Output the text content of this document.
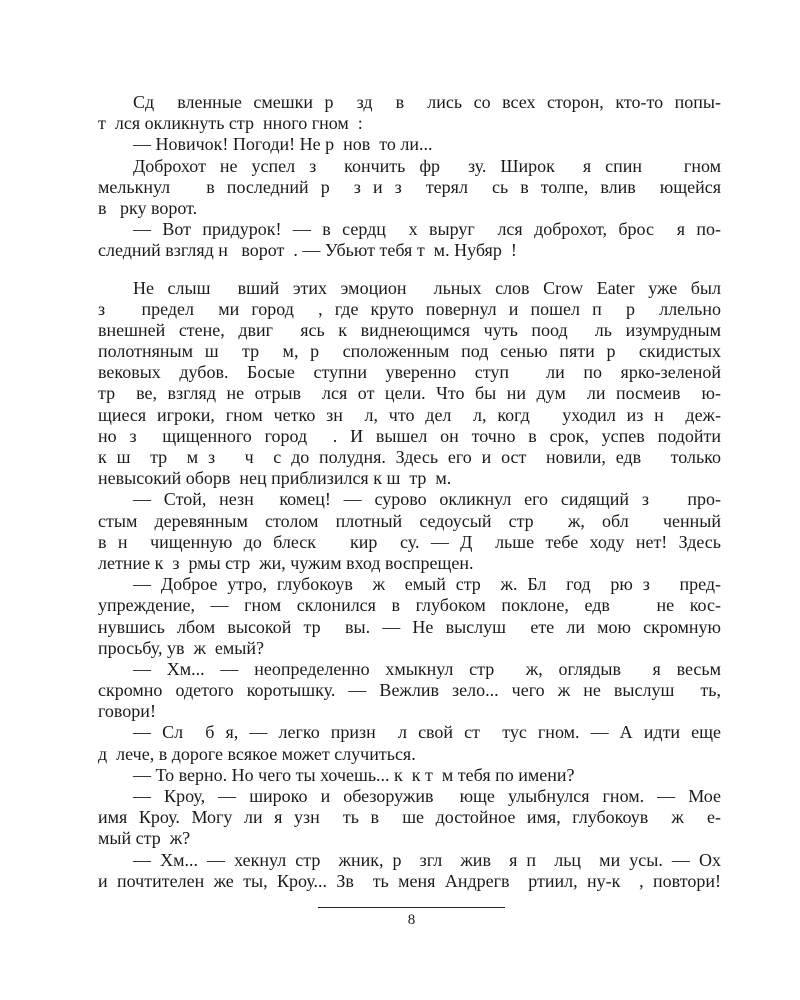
Сд  вленные смешки р  зд  в  лись со всех сторон, кто-то попы-
т  лся окликнуть стр  нного гном  :
— Новичок! Погоди! Не р  нов  то ли...
Доброхот не успел з  кончить фр  зу. Широк  я спин   гном
мелькнул   в последний р  з и з  терял  сь в толпе, влив  ющейся
в   рку ворот.
— Вот придурок! — в сердц  х выруг  лся доброхот, брос  я по-
следний взгляд н   ворот  . — Убьют тебя т  м. Нубяр  !
Не слыш  вший этих эмоцион  льных слов Crow Eater уже был
з   предел  ми город  , где круто повернул и пошел п  р  ллельно
внешней стене, двиг  ясь к виднеющимся чуть поод  ль изумрудным
полотняным ш  тр  м, р  сположенным под сенью пяти р  скидистых
вековых дубов. Босые ступни уверенно ступ  ли по ярко-зеленой
тр  ве, взгляд не отрыв  лся от цели. Что бы ни дум  ли посмеив  ю-
щиеся игроки, гном четко зн  л, что дел  л, когд   уходил из н  деж-
но з  щищенного город  . И вышел он точно в срок, успев подойти
к ш  тр  м з   ч  с до полудня. Здесь его и ост  новили, едв   только
невысокий оборв  нец приблизился к ш  тр  м.
— Стой, незн  комец! — сурово окликнул его сидящий з   про-
стым деревянным столом плотный седоусый стр  ж, обл  ченный
в н  чищенную до блеск   кир  су. — Д  льше тебе ходу нет! Здесь
летние к  з  рмы стр  жи, чужим вход воспрещен.
— Доброе утро, глубокоув  ж  емый стр  ж. Бл  год  рю з   пред-
упреждение, — гном склонился в глубоком поклоне, едв   не кос-
нувшись лбом высокой тр  вы. — Не выслуш  ете ли мою скромную
просьбу, ув  ж  емый?
— Хм... — неопределенно хмыкнул стр  ж, оглядыв  я весьм
скромно одетого коротышку. — Вежлив зело... чего ж не выслуш  ть,
говори!
— Сл  б я, — легко призн  л свой ст  тус гном. — А идти еще
д  лече, в дороге всякое может случиться.
— То верно. Но чего ты хочешь... к  к т  м тебя по имени?
— Кроу, — широко и обезоружив  юще улыбнулся гном. — Мое
имя Кроу. Могу ли я узн  ть в  ше достойное имя, глубокоув  ж  е-
мый стр  ж?
— Хм... — хекнул стр  жник, р  згл  жив  я п  льц  ми усы. — Ох
и почтителен же ты, Кроу... Зв  ть меня Андрегв  ртиил, ну-к  , повтори!
8
